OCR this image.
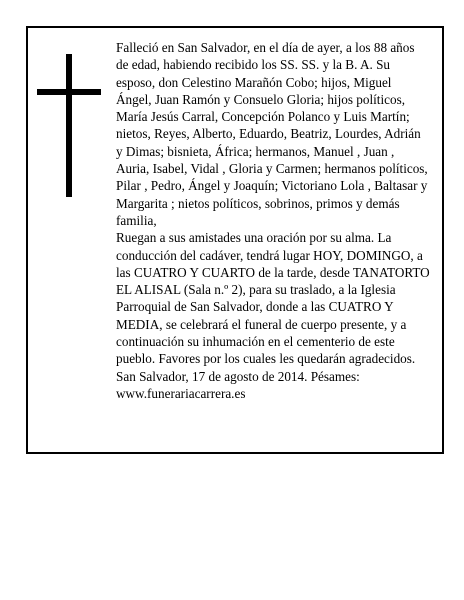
Falleció en San Salvador, en el día de ayer, a los 88 años de edad, habiendo recibido los SS. SS. y la B. A. Su esposo, don Celestino Marañón Cobo; hijos, Miguel Ángel, Juan Ramón y Consuelo Gloria; hijos políticos, María Jesús Carral, Concepción Polanco y Luis Martín; nietos, Reyes, Alberto, Eduardo, Beatriz, Lourdes, Adrián y Dimas; bisnieta, África; hermanos, Manuel , Juan , Auria, Isabel, Vidal , Gloria y Carmen; hermanos políticos, Pilar , Pedro, Ángel y Joaquín; Victoriano Lola , Baltasar y Margarita ; nietos políticos, sobrinos, primos y demás familia,

Ruegan a sus amistades una oración por su alma. La conducción del cadáver, tendrá lugar HOY, DOMINGO, a las CUATRO Y CUARTO de la tarde, desde TANATORTO EL ALISAL (Sala n.º 2), para su traslado, a la Iglesia Parroquial de San Salvador, donde a las CUATRO Y MEDIA, se celebrará el funeral de cuerpo presente, y a continuación su inhumación en el cementerio de este pueblo. Favores por los cuales les quedarán agradecidos.

San Salvador, 17 de agosto de 2014. Pésames: www.funerariacarrera.es
